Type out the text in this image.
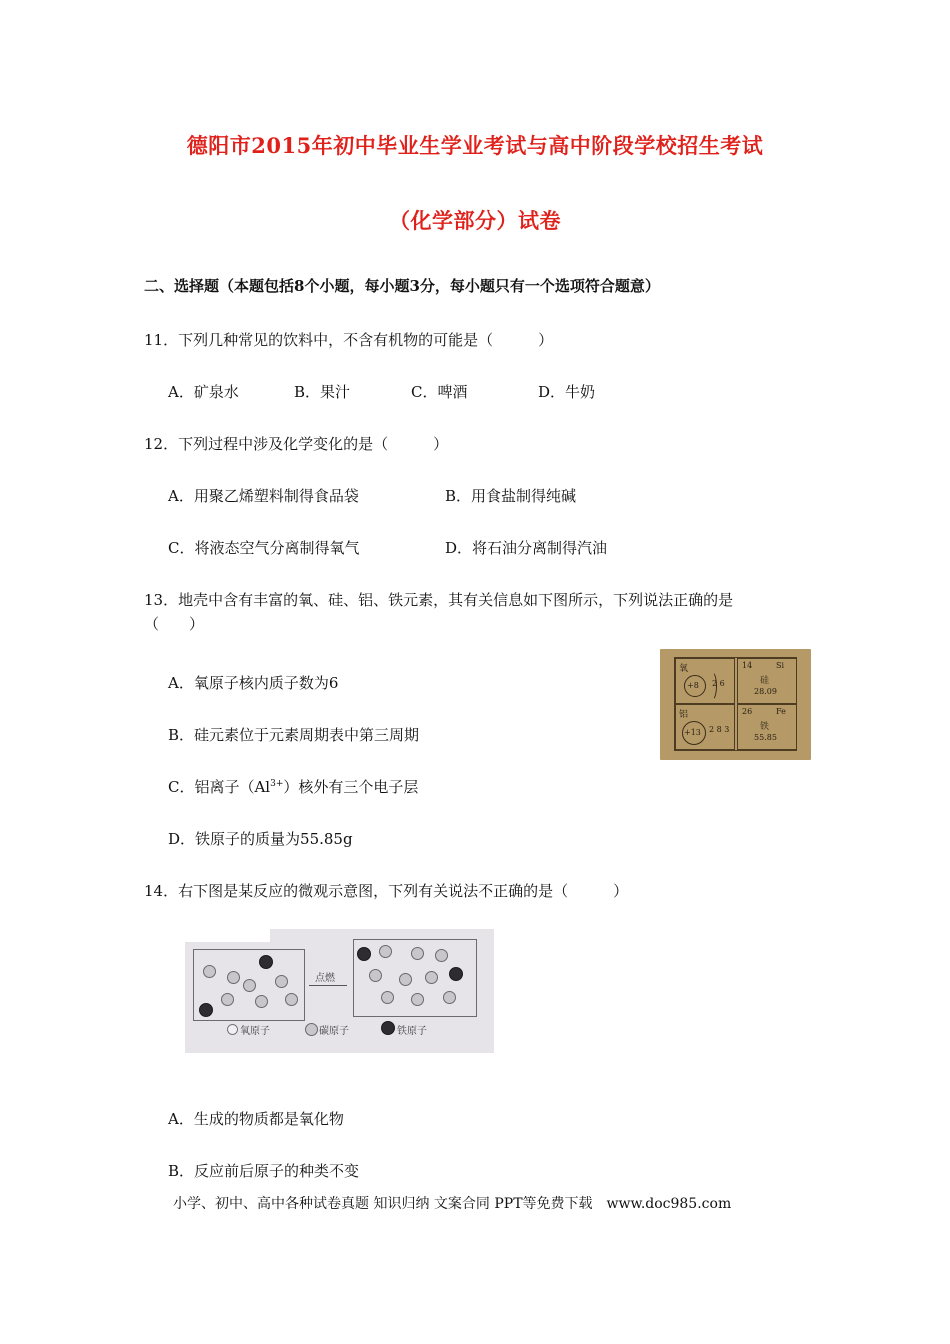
德阳市2015年初中毕业生学业考试与高中阶段学校招生考试
（化学部分）试卷
二、选择题（本题包括8个小题，每小题3分，每小题只有一个选项符合题意）
11．下列几种常见的饮料中，不含有机物的可能是（　　　）
A．矿泉水	B．果汁	C．啤酒	D．牛奶
12．下列过程中涉及化学变化的是（　　　）
A．用聚乙烯塑料制得食品袋	B．用食盐制得纯碱
C．将液态空气分离制得氧气	D．将石油分离制得汽油
13．地壳中含有丰富的氧、硅、铝、铁元素，其有关信息如下图所示，下列说法正确的是
（　　）
A．氧原子核内质子数为6
B．硅元素位于元素周期表中第三周期
C．铝离子$(Al^{3+})$核外有三个电子层
D．铁原子的质量为55.85g
氧
+8 2 6
14	Si
硅
28.09
铝
+13 2 8 3
26	Fe
铁
55.85
14．右下图是某反应的微观示意图，下列有关说法不正确的是（　　　）
点燃
氧原子	碳原子	铁原子
A．生成的物质都是氧化物
B．反应前后原子的种类不变
小学、初中、高中各种试卷真题 知识归纳 文案合同 PPT等免费下载　www.doc985.com
